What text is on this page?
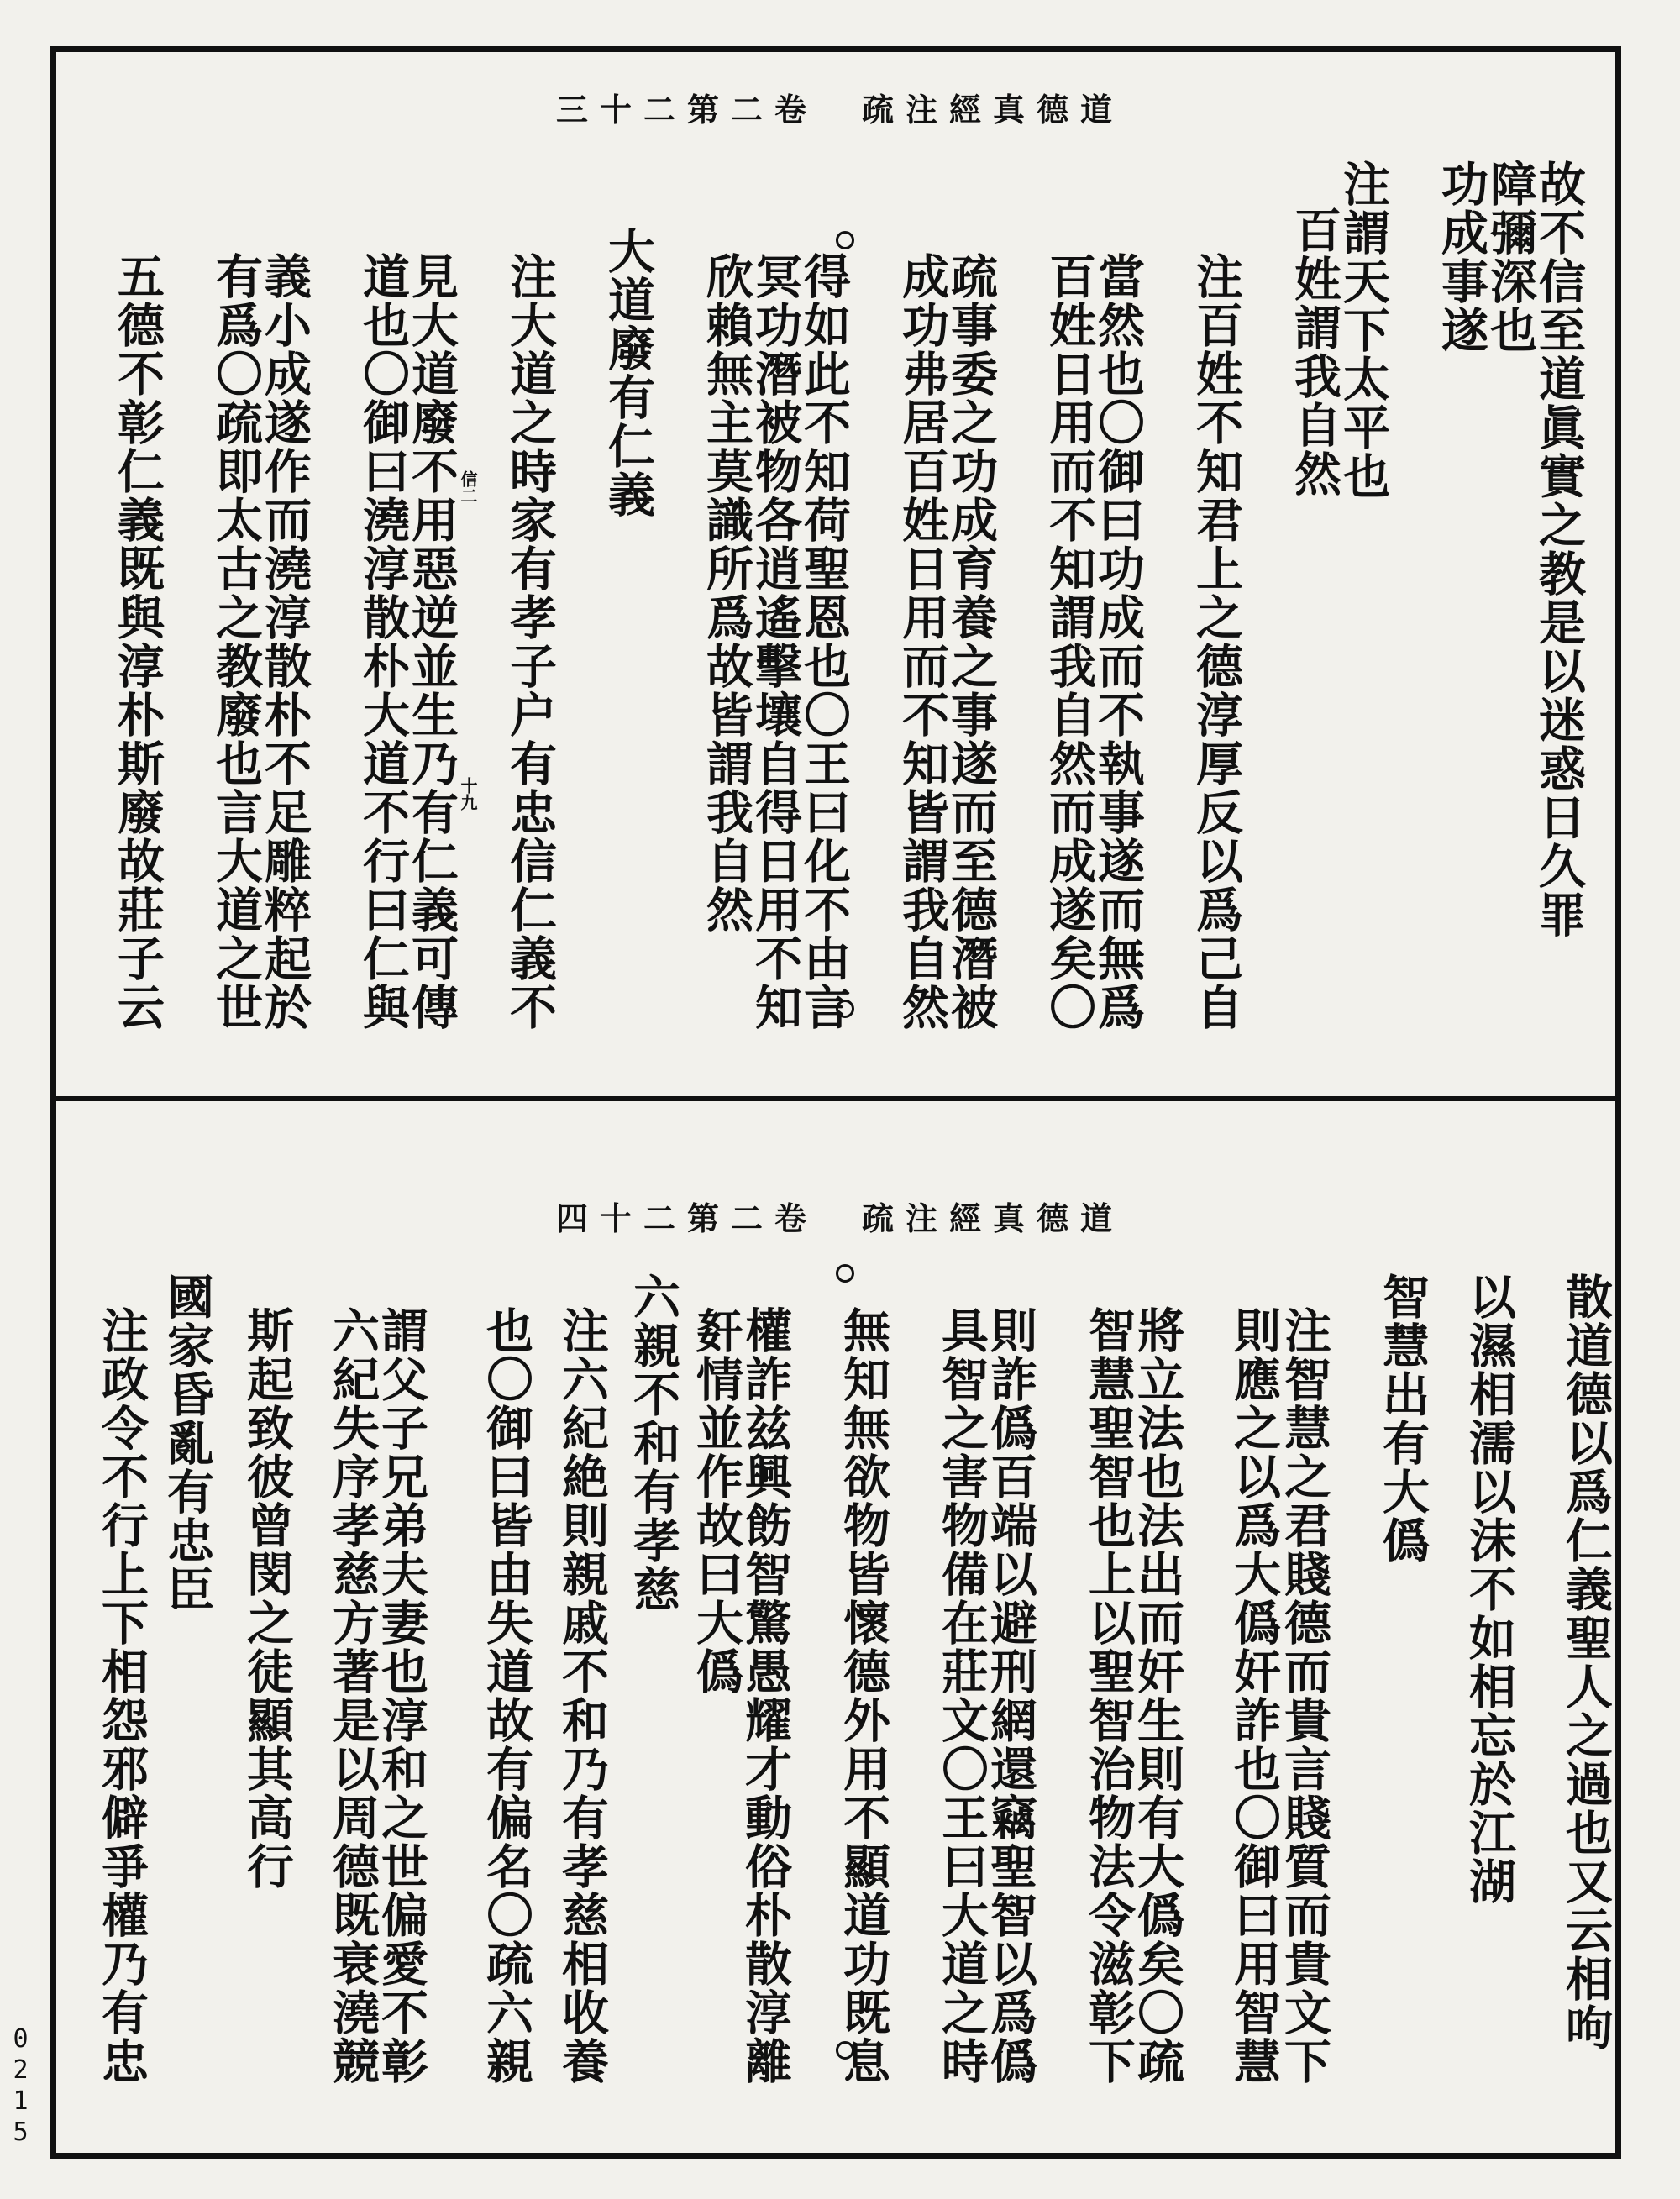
三十二第二卷　疏注經真德道
故不信至道眞實之教是以迷惑日久罪
障彌深也
功成事遂
注謂天下太平也
百姓謂我自然
注百姓不知君上之德淳厚反以爲己自
當然也〇御曰功成而不執事遂而無爲
百姓日用而不知謂我自然而成遂矣〇
疏事委之功成育養之事遂而至德潛被
成功弗居百姓日用而不知皆謂我自然
得如此不知荷聖恩也〇王曰化不由言
冥功潛被物各逍遙擊壤自得日用不知
欣賴無主莫識所爲故皆謂我自然
大道廢有仁義
注大道之時家有孝子户有忠信仁義不
見大道廢不用惡逆並生乃有仁義可傳
道也〇御曰澆淳散朴大道不行曰仁與
義小成遂作而澆淳散朴不足雕粹起於
有爲〇疏即太古之教廢也言大道之世
五德不彰仁義既與淳朴斯廢故莊子云	信二
十九
四十二第二卷　疏注經真德道
散道德以爲仁義聖人之過也又云相呴
以濕相濡以沫不如相忘於江湖
智慧出有大僞
注智慧之君賤德而貴言賤質而貴文下
則應之以爲大僞奸詐也〇御曰用智慧
將立法也法出而奸生則有大僞矣〇疏
智慧聖智也上以聖智治物法令滋彰下
則詐僞百端以避刑網還竊聖智以爲僞
具智之害物備在莊文〇王曰大道之時
無知無欲物皆懷德外用不顯道功既息
權詐兹興飭智驚愚耀才動俗朴散淳離
姧情並作故曰大僞
六親不和有孝慈
注六紀絶則親戚不和乃有孝慈相收養
也〇御曰皆由失道故有偏名〇疏六親
謂父子兄弟夫妻也淳和之世偏愛不彰
六紀失序孝慈方著是以周德既衰澆競
斯起致彼曾閔之徒顯其高行
國家昏亂有忠臣
注政令不行上下相怨邪僻爭權乃有忠
0215
